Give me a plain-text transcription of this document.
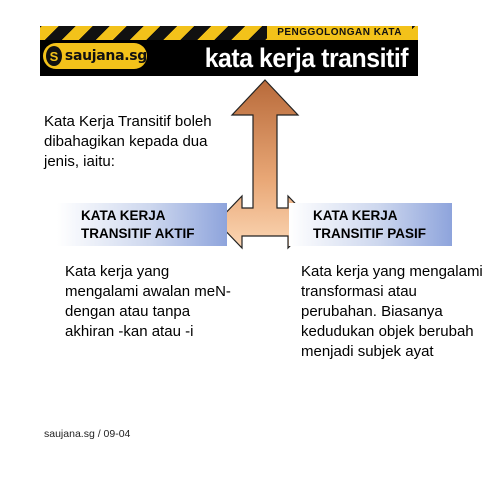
PENGGOLONGAN KATA
S saujana.sg kata kerja transitif

Kata Kerja Transitif boleh dibahagikan kepada dua jenis, iaitu:

KATA KERJA TRANSITIF AKTIF
KATA KERJA TRANSITIF PASIF

Kata kerja yang mengalami awalan meN- dengan atau tanpa akhiran -kan atau -i

Kata kerja yang mengalami transformasi atau perubahan. Biasanya kedudukan objek berubah menjadi subjek ayat

saujana.sg / 09-04
